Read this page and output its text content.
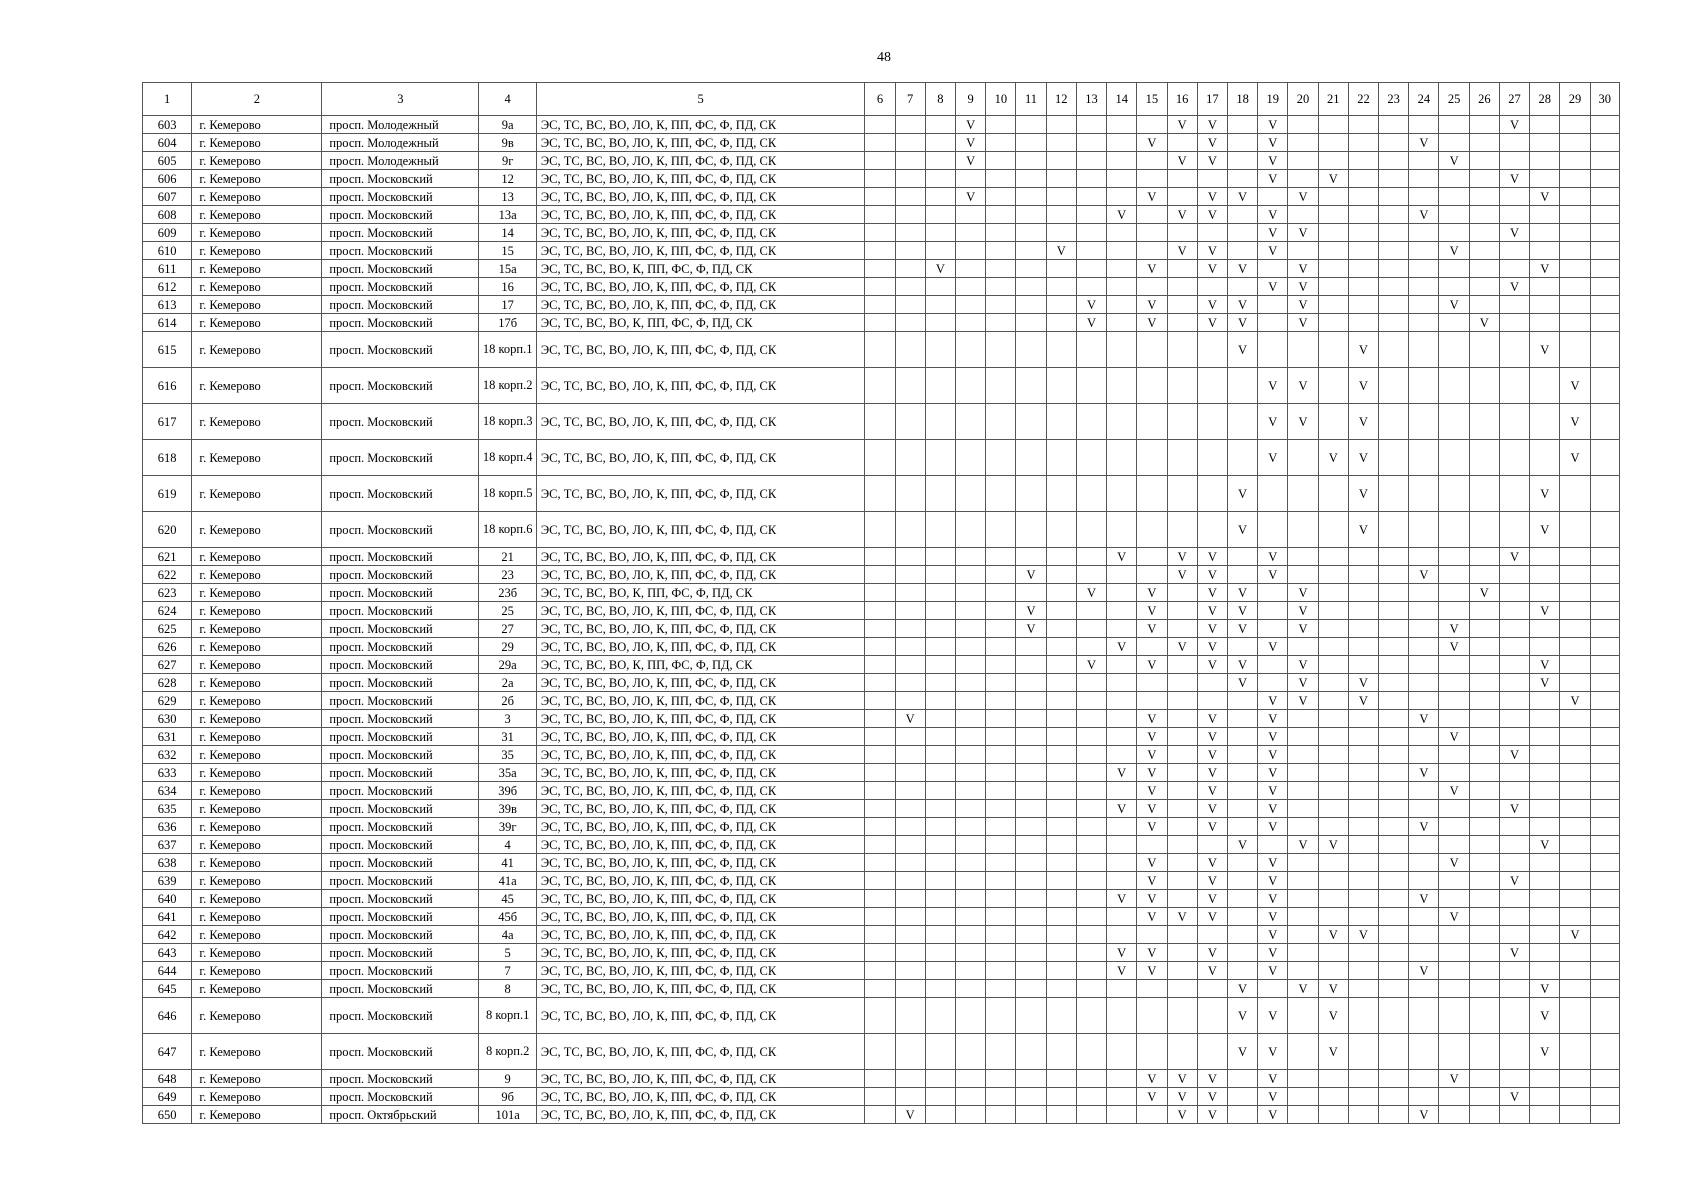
48
1	2	3	4	5	6	7	8	9	10	11	12	13	14	15	16	17	18	19	20	21	22	23	24	25	26	27	28	29	30
603	г. Кемерово	просп. Молодежный	9а	ЭС, ТС, ВС, ВО, ЛО, К, ПП, ФС, Ф, ПД, СК				V							V	V		V								V			
604	г. Кемерово	просп. Молодежный	9в	ЭС, ТС, ВС, ВО, ЛО, К, ПП, ФС, Ф, ПД, СК				V						V		V		V					V						
605	г. Кемерово	просп. Молодежный	9г	ЭС, ТС, ВС, ВО, ЛО, К, ПП, ФС, Ф, ПД, СК				V							V	V		V						V					
606	г. Кемерово	просп. Московский	12	ЭС, ТС, ВС, ВО, ЛО, К, ПП, ФС, Ф, ПД, СК														V		V						V			
607	г. Кемерово	просп. Московский	13	ЭС, ТС, ВС, ВО, ЛО, К, ПП, ФС, Ф, ПД, СК				V						V		V	V		V								V		
608	г. Кемерово	просп. Московский	13а	ЭС, ТС, ВС, ВО, ЛО, К, ПП, ФС, Ф, ПД, СК									V		V	V		V					V						
609	г. Кемерово	просп. Московский	14	ЭС, ТС, ВС, ВО, ЛО, К, ПП, ФС, Ф, ПД, СК														V	V							V			
610	г. Кемерово	просп. Московский	15	ЭС, ТС, ВС, ВО, ЛО, К, ПП, ФС, Ф, ПД, СК							V				V	V		V						V					
611	г. Кемерово	просп. Московский	15а	ЭС, ТС, ВС, ВО, К, ПП, ФС, Ф, ПД, СК			V							V		V	V		V								V		
612	г. Кемерово	просп. Московский	16	ЭС, ТС, ВС, ВО, ЛО, К, ПП, ФС, Ф, ПД, СК														V	V							V			
613	г. Кемерово	просп. Московский	17	ЭС, ТС, ВС, ВО, ЛО, К, ПП, ФС, Ф, ПД, СК								V		V		V	V		V					V					
614	г. Кемерово	просп. Московский	17б	ЭС, ТС, ВС, ВО, К, ПП, ФС, Ф, ПД, СК								V		V		V	V		V						V				
615	г. Кемерово	просп. Московский	18 корп.1	ЭС, ТС, ВС, ВО, ЛО, К, ПП, ФС, Ф, ПД, СК													V				V						V		
616	г. Кемерово	просп. Московский	18 корп.2	ЭС, ТС, ВС, ВО, ЛО, К, ПП, ФС, Ф, ПД, СК														V	V		V							V	
617	г. Кемерово	просп. Московский	18 корп.3	ЭС, ТС, ВС, ВО, ЛО, К, ПП, ФС, Ф, ПД, СК														V	V		V							V	
618	г. Кемерово	просп. Московский	18 корп.4	ЭС, ТС, ВС, ВО, ЛО, К, ПП, ФС, Ф, ПД, СК														V		V	V							V	
619	г. Кемерово	просп. Московский	18 корп.5	ЭС, ТС, ВС, ВО, ЛО, К, ПП, ФС, Ф, ПД, СК													V				V						V		
620	г. Кемерово	просп. Московский	18 корп.6	ЭС, ТС, ВС, ВО, ЛО, К, ПП, ФС, Ф, ПД, СК													V				V						V		
621	г. Кемерово	просп. Московский	21	ЭС, ТС, ВС, ВО, ЛО, К, ПП, ФС, Ф, ПД, СК									V		V	V		V								V			
622	г. Кемерово	просп. Московский	23	ЭС, ТС, ВС, ВО, ЛО, К, ПП, ФС, Ф, ПД, СК						V					V	V		V					V						
623	г. Кемерово	просп. Московский	23б	ЭС, ТС, ВС, ВО, К, ПП, ФС, Ф, ПД, СК								V		V		V	V		V						V				
624	г. Кемерово	просп. Московский	25	ЭС, ТС, ВС, ВО, ЛО, К, ПП, ФС, Ф, ПД, СК						V				V		V	V		V								V		
625	г. Кемерово	просп. Московский	27	ЭС, ТС, ВС, ВО, ЛО, К, ПП, ФС, Ф, ПД, СК						V				V		V	V		V					V					
626	г. Кемерово	просп. Московский	29	ЭС, ТС, ВС, ВО, ЛО, К, ПП, ФС, Ф, ПД, СК									V		V	V		V						V					
627	г. Кемерово	просп. Московский	29а	ЭС, ТС, ВС, ВО, К, ПП, ФС, Ф, ПД, СК								V		V		V	V		V								V		
628	г. Кемерово	просп. Московский	2а	ЭС, ТС, ВС, ВО, ЛО, К, ПП, ФС, Ф, ПД, СК													V		V		V						V		
629	г. Кемерово	просп. Московский	2б	ЭС, ТС, ВС, ВО, ЛО, К, ПП, ФС, Ф, ПД, СК														V	V		V							V	
630	г. Кемерово	просп. Московский	3	ЭС, ТС, ВС, ВО, ЛО, К, ПП, ФС, Ф, ПД, СК		V								V		V		V					V						
631	г. Кемерово	просп. Московский	31	ЭС, ТС, ВС, ВО, ЛО, К, ПП, ФС, Ф, ПД, СК										V		V		V						V					
632	г. Кемерово	просп. Московский	35	ЭС, ТС, ВС, ВО, ЛО, К, ПП, ФС, Ф, ПД, СК										V		V		V								V			
633	г. Кемерово	просп. Московский	35а	ЭС, ТС, ВС, ВО, ЛО, К, ПП, ФС, Ф, ПД, СК									V	V		V		V					V						
634	г. Кемерово	просп. Московский	39б	ЭС, ТС, ВС, ВО, ЛО, К, ПП, ФС, Ф, ПД, СК										V		V		V						V					
635	г. Кемерово	просп. Московский	39в	ЭС, ТС, ВС, ВО, ЛО, К, ПП, ФС, Ф, ПД, СК									V	V		V		V								V			
636	г. Кемерово	просп. Московский	39г	ЭС, ТС, ВС, ВО, ЛО, К, ПП, ФС, Ф, ПД, СК										V		V		V					V						
637	г. Кемерово	просп. Московский	4	ЭС, ТС, ВС, ВО, ЛО, К, ПП, ФС, Ф, ПД, СК													V		V	V							V		
638	г. Кемерово	просп. Московский	41	ЭС, ТС, ВС, ВО, ЛО, К, ПП, ФС, Ф, ПД, СК										V		V		V						V					
639	г. Кемерово	просп. Московский	41а	ЭС, ТС, ВС, ВО, ЛО, К, ПП, ФС, Ф, ПД, СК										V		V		V								V			
640	г. Кемерово	просп. Московский	45	ЭС, ТС, ВС, ВО, ЛО, К, ПП, ФС, Ф, ПД, СК									V	V		V		V					V						
641	г. Кемерово	просп. Московский	45б	ЭС, ТС, ВС, ВО, ЛО, К, ПП, ФС, Ф, ПД, СК										V	V	V		V						V					
642	г. Кемерово	просп. Московский	4а	ЭС, ТС, ВС, ВО, ЛО, К, ПП, ФС, Ф, ПД, СК														V		V	V							V	
643	г. Кемерово	просп. Московский	5	ЭС, ТС, ВС, ВО, ЛО, К, ПП, ФС, Ф, ПД, СК									V	V		V		V								V			
644	г. Кемерово	просп. Московский	7	ЭС, ТС, ВС, ВО, ЛО, К, ПП, ФС, Ф, ПД, СК									V	V		V		V					V						
645	г. Кемерово	просп. Московский	8	ЭС, ТС, ВС, ВО, ЛО, К, ПП, ФС, Ф, ПД, СК													V		V	V							V		
646	г. Кемерово	просп. Московский	8 корп.1	ЭС, ТС, ВС, ВО, ЛО, К, ПП, ФС, Ф, ПД, СК													V	V		V							V		
647	г. Кемерово	просп. Московский	8 корп.2	ЭС, ТС, ВС, ВО, ЛО, К, ПП, ФС, Ф, ПД, СК													V	V		V							V		
648	г. Кемерово	просп. Московский	9	ЭС, ТС, ВС, ВО, ЛО, К, ПП, ФС, Ф, ПД, СК										V	V	V		V						V					
649	г. Кемерово	просп. Московский	9б	ЭС, ТС, ВС, ВО, ЛО, К, ПП, ФС, Ф, ПД, СК										V	V	V		V								V			
650	г. Кемерово	просп. Октябрьский	101а	ЭС, ТС, ВС, ВО, ЛО, К, ПП, ФС, Ф, ПД, СК		V									V	V		V					V						
